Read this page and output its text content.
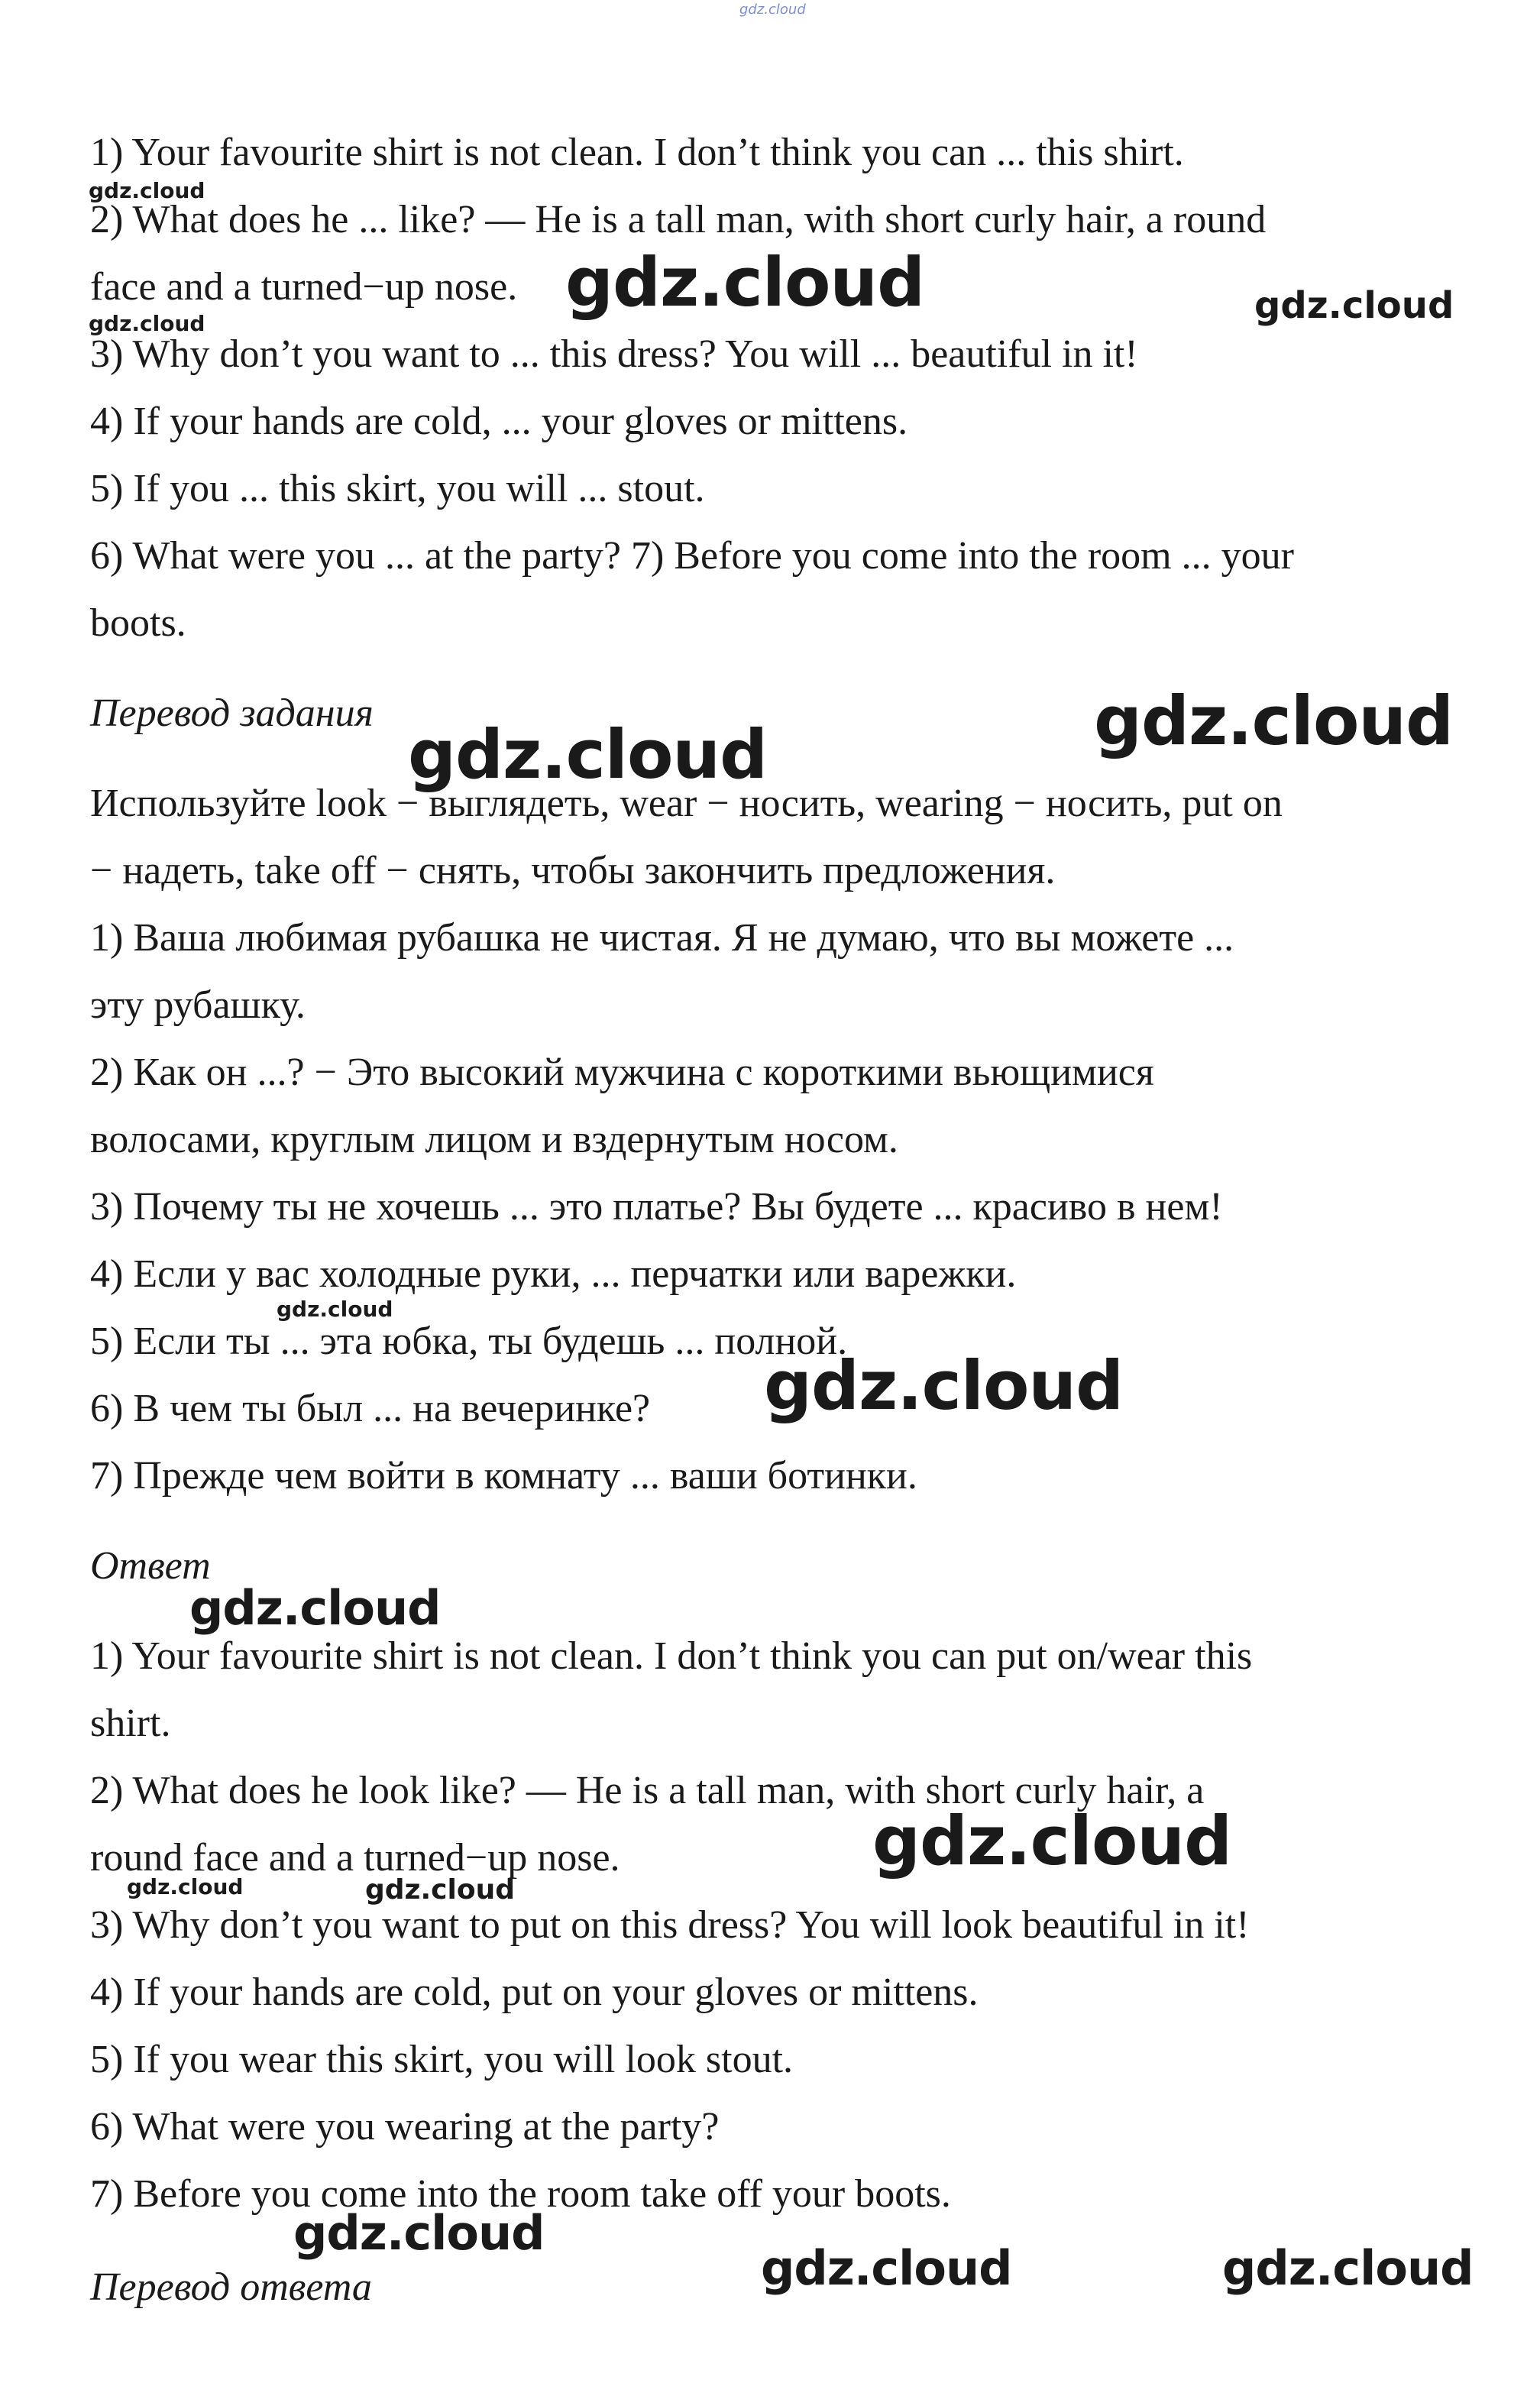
gdz.cloud
1) Your favourite shirt is not clean. I don’t think you can ... this shirt.
2) What does he ... like? — He is a tall man, with short curly hair, a round
face and a turned−up nose.
3) Why don’t you want to ... this dress? You will ... beautiful in it!
4) If your hands are cold, ... your gloves or mittens.
5) If you ... this skirt, you will ... stout.
6) What were you ... at the party? 7) Before you come into the room ... your
boots.
Перевод задания
Используйте look − выглядеть, wear − носить, wearing − носить, put on
− надеть, take off − снять, чтобы закончить предложения.
1) Ваша любимая рубашка не чистая. Я не думаю, что вы можете ...
эту рубашку.
2) Как он ...? − Это высокий мужчина с короткими вьющимися
волосами, круглым лицом и вздернутым носом.
3) Почему ты не хочешь ... это платье? Вы будете ... красиво в нем!
4) Если у вас холодные руки, ... перчатки или варежки.
5) Если ты ... эта юбка, ты будешь ... полной.
6) В чем ты был ... на вечеринке?
7) Прежде чем войти в комнату ... ваши ботинки.
Ответ
1) Your favourite shirt is not clean. I don’t think you can put on/wear this
shirt.
2) What does he look like? — He is a tall man, with short curly hair, a
round face and a turned−up nose.
3) Why don’t you want to put on this dress? You will look beautiful in it!
4) If your hands are cold, put on your gloves or mittens.
5) If you wear this skirt, you will look stout.
6) What were you wearing at the party?
7) Before you come into the room take off your boots.
Перевод ответа
gdz.cloud
gdz.cloud	gdz.cloud
gdz.cloud
gdz.cloud
gdz.cloud
gdz.cloud
gdz.cloud
gdz.cloud
gdz.cloud
gdz.cloud	gdz.cloud
gdz.cloud
gdz.cloud	gdz.cloud
